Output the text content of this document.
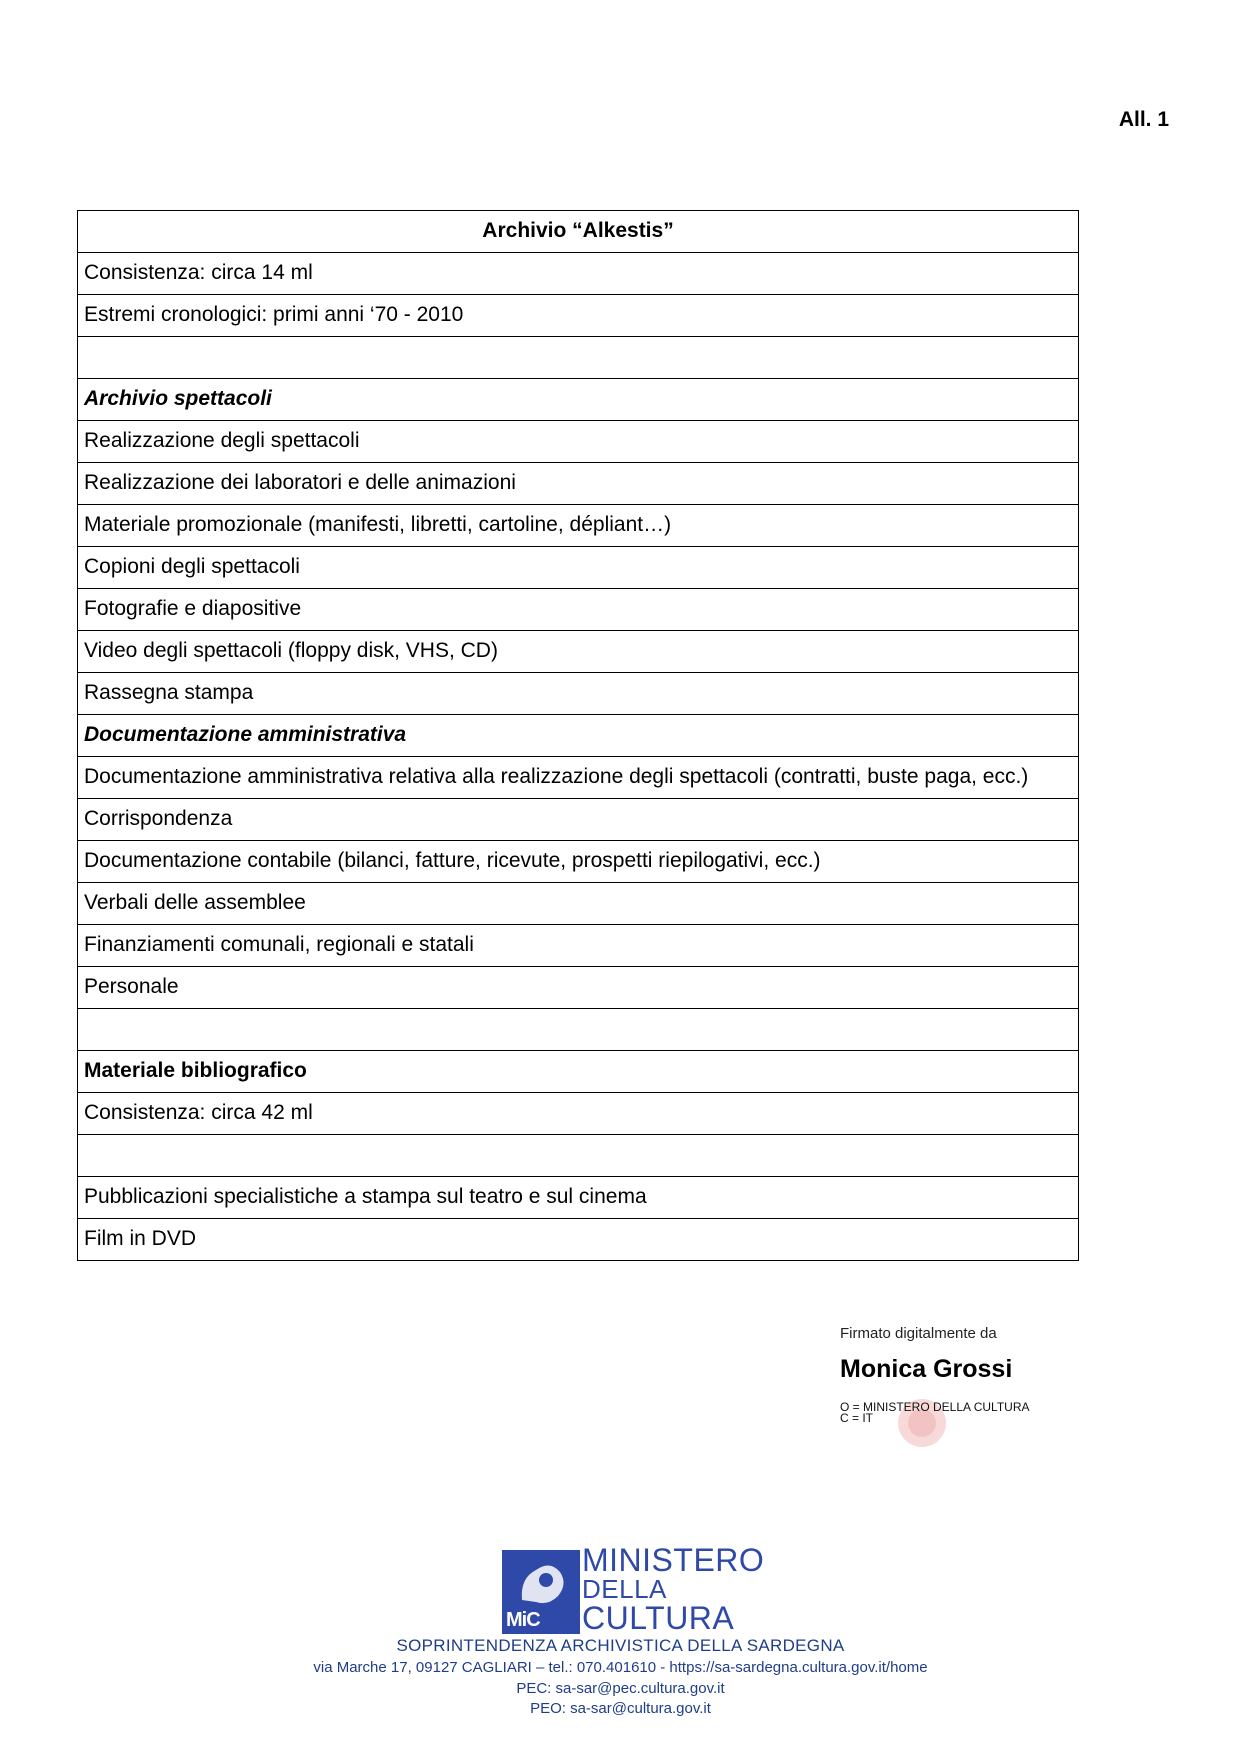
All. 1
Archivio “Alkestis”
Consistenza: circa 14 ml
Estremi cronologici: primi anni ‘70 - 2010

Archivio spettacoli
Realizzazione degli spettacoli
Realizzazione dei laboratori e delle animazioni
Materiale promozionale (manifesti, libretti, cartoline, dépliant…)
Copioni degli spettacoli
Fotografie e diapositive
Video degli spettacoli (floppy disk, VHS, CD)
Rassegna stampa
Documentazione amministrativa
Documentazione amministrativa relativa alla realizzazione degli spettacoli (contratti, buste paga, ecc.)
Corrispondenza
Documentazione contabile (bilanci, fatture, ricevute, prospetti riepilogativi, ecc.)
Verbali delle assemblee
Finanziamenti comunali, regionali e statali
Personale

Materiale bibliografico
Consistenza: circa 42 ml

Pubblicazioni specialistiche a stampa sul teatro e sul cinema
Film in DVD
Firmato digitalmente da
Monica Grossi
O = MINISTERO DELLA CULTURA
C = IT
MiC
MINISTERO
DELLA
CULTURA
SOPRINTENDENZA ARCHIVISTICA DELLA SARDEGNA
via Marche 17, 09127 CAGLIARI – tel.: 070.401610 - https://sa-sardegna.cultura.gov.it/home
PEC: sa-sar@pec.cultura.gov.it
PEO: sa-sar@cultura.gov.it
